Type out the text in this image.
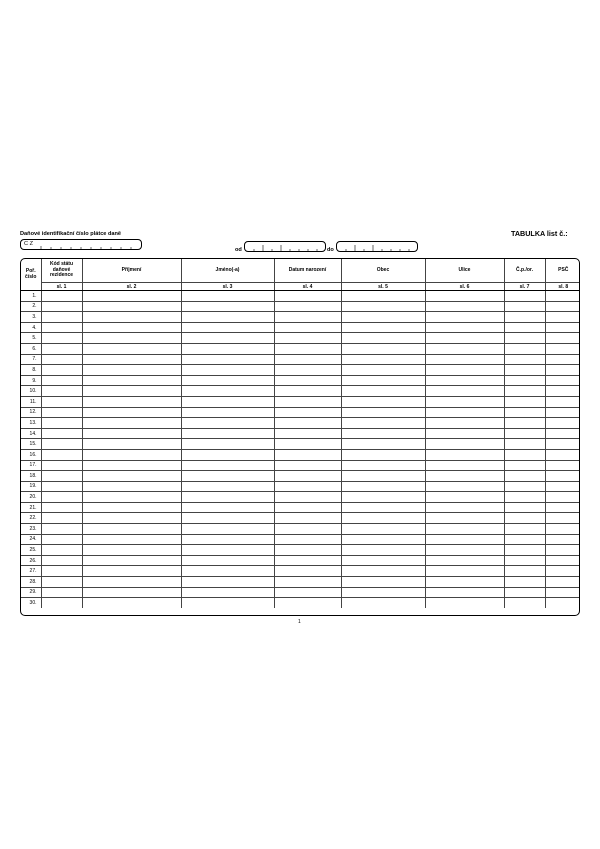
Daňové identifikační číslo plátce daně	TABULKA list č.:
C Z
od	do
Poř. číslo	Kód státu daňové rezidence	Příjmení	Jméno(-a)	Datum narození	Obec	Ulice	Č.p./or.	PSČ
	sl. 1	sl. 2	sl. 3	sl. 4	sl. 5	sl. 6	sl. 7	sl. 8
1.								
2.								
3.								
4.								
5.								
6.								
7.								
8.								
9.								
10.								
11.								
12.								
13.								
14.								
15.								
16.								
17.								
18.								
19.								
20.								
21.								
22.								
23.								
24.								
25.								
26.								
27.								
28.								
29.								
30.								
1
